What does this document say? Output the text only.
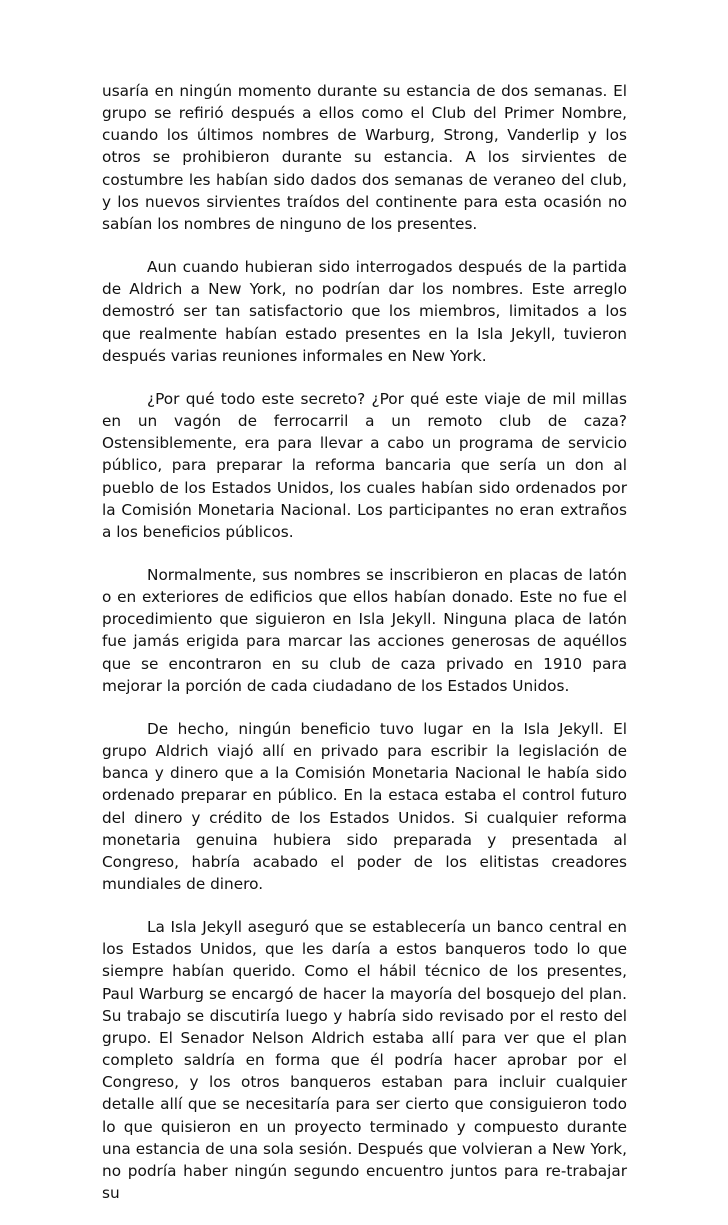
usaría en ningún momento durante su estancia de dos semanas. El grupo se refirió después a ellos como el Club del Primer Nombre, cuando los últimos nombres de Warburg, Strong, Vanderlip y los otros se prohibieron durante su estancia. A los sirvientes de costumbre les habían sido dados dos semanas de veraneo del club, y los nuevos sirvientes traídos del continente para esta ocasión no sabían los nombres de ninguno de los presentes.

Aun cuando hubieran sido interrogados después de la partida de Aldrich a New York, no podrían dar los nombres. Este arreglo demostró ser tan satisfactorio que los miembros, limitados a los que realmente habían estado presentes en la Isla Jekyll, tuvieron después varias reuniones informales en New York.

¿Por qué todo este secreto? ¿Por qué este viaje de mil millas en un vagón de ferrocarril a un remoto club de caza? Ostensiblemente, era para llevar a cabo un programa de servicio público, para preparar la reforma bancaria que sería un don al pueblo de los Estados Unidos, los cuales habían sido ordenados por la Comisión Monetaria Nacional. Los participantes no eran extraños a los beneficios públicos.

Normalmente, sus nombres se inscribieron en placas de latón o en exteriores de edificios que ellos habían donado. Este no fue el procedimiento que siguieron en Isla Jekyll. Ninguna placa de latón fue jamás erigida para marcar las acciones generosas de aquéllos que se encontraron en su club de caza privado en 1910 para mejorar la porción de cada ciudadano de los Estados Unidos.

De hecho, ningún beneficio tuvo lugar en la Isla Jekyll. El grupo Aldrich viajó allí en privado para escribir la legislación de banca y dinero que a la Comisión Monetaria Nacional le había sido ordenado preparar en público. En la estaca estaba el control futuro del dinero y crédito de los Estados Unidos. Si cualquier reforma monetaria genuina hubiera sido preparada y presentada al Congreso, habría acabado el poder de los elitistas creadores mundiales de dinero.

La Isla Jekyll aseguró que se establecería un banco central en los Estados Unidos, que les daría a estos banqueros todo lo que siempre habían querido. Como el hábil técnico de los presentes, Paul Warburg se encargó de hacer la mayoría del bosquejo del plan. Su trabajo se discutiría luego y habría sido revisado por el resto del grupo. El Senador Nelson Aldrich estaba allí para ver que el plan completo saldría en forma que él podría hacer aprobar por el Congreso, y los otros banqueros estaban para incluir cualquier detalle allí que se necesitaría para ser cierto que consiguieron todo lo que quisieron en un proyecto terminado y compuesto durante una estancia de una sola sesión. Después que volvieran a New York, no podría haber ningún segundo encuentro juntos para re-trabajar su
